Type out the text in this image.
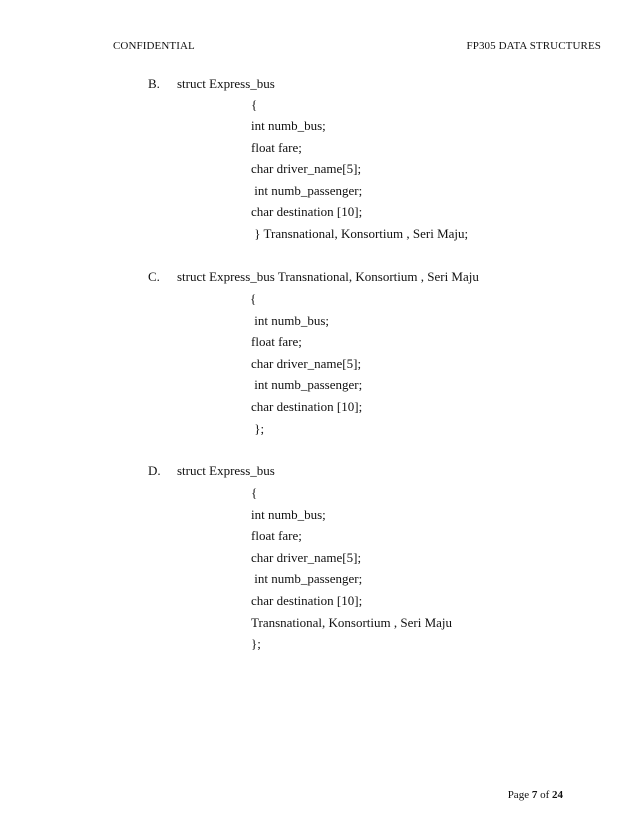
CONFIDENTIAL	FP305 DATA STRUCTURES
B. struct Express_bus
{
int numb_bus;
float fare;
char driver_name[5];
int numb_passenger;
char destination [10];
} Transnational, Konsortium , Seri Maju;
C. struct Express_bus Transnational, Konsortium , Seri Maju
{
int numb_bus;
float fare;
char driver_name[5];
int numb_passenger;
char destination [10];
};
D. struct Express_bus
{
int numb_bus;
float fare;
char driver_name[5];
int numb_passenger;
char destination [10];
Transnational, Konsortium , Seri Maju
};
Page 7 of 24
